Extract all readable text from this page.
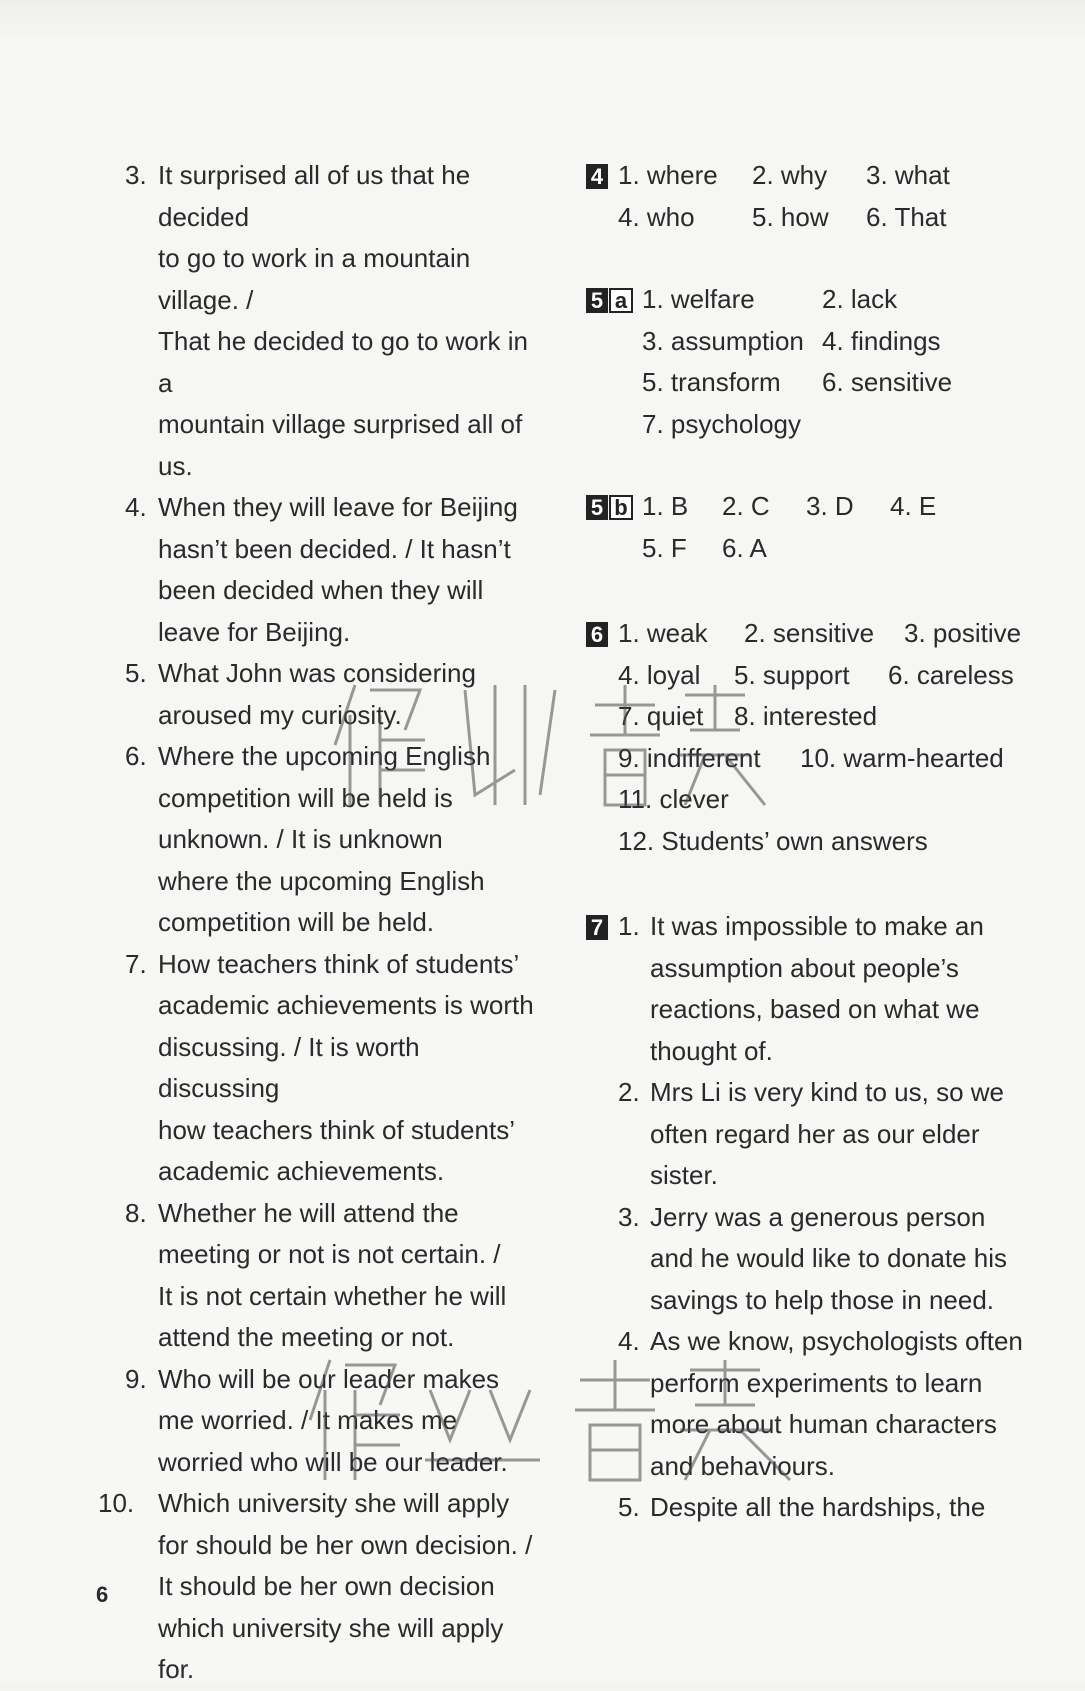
3. It surprised all of us that he decided
to go to work in a mountain village. /
That he decided to go to work in a
mountain village surprised all of us.
4. When they will leave for Beijing
hasn’t been decided. / It hasn’t
been decided when they will
leave for Beijing.
5. What John was considering
aroused my curiosity.
6. Where the upcoming English
competition will be held is
unknown. / It is unknown
where the upcoming English
competition will be held.
7. How teachers think of students’
academic achievements is worth
discussing. / It is worth discussing
how teachers think of students’
academic achievements.
8. Whether he will attend the
meeting or not is not certain. /
It is not certain whether he will
attend the meeting or not.
9. Who will be our leader makes
me worried. / It makes me
worried who will be our leader.
10. Which university she will apply
for should be her own decision. /
It should be her own decision
which university she will apply
for.
4 1. where 2. why 3. what
4. who 5. how 6. That
5 a 1. welfare	2. lack
3. assumption 4. findings
5. transform 6. sensitive
7. psychology
5 b 1. B 2. C 3. D 4. E
5. F 6. A
6 1. weak 2. sensitive 3. positive
4. loyal 5. support 6. careless
7. quiet 8. interested
9. indifferent 10. warm-hearted
11. clever
12. Students’ own answers
7 1. It was impossible to make an
assumption about people’s
reactions, based on what we
thought of.
2. Mrs Li is very kind to us, so we
often regard her as our elder
sister.
3. Jerry was a generous person
and he would like to donate his
savings to help those in need.
4. As we know, psychologists often
perform experiments to learn
more about human characters
and behaviours.
5. Despite all the hardships, the
6
